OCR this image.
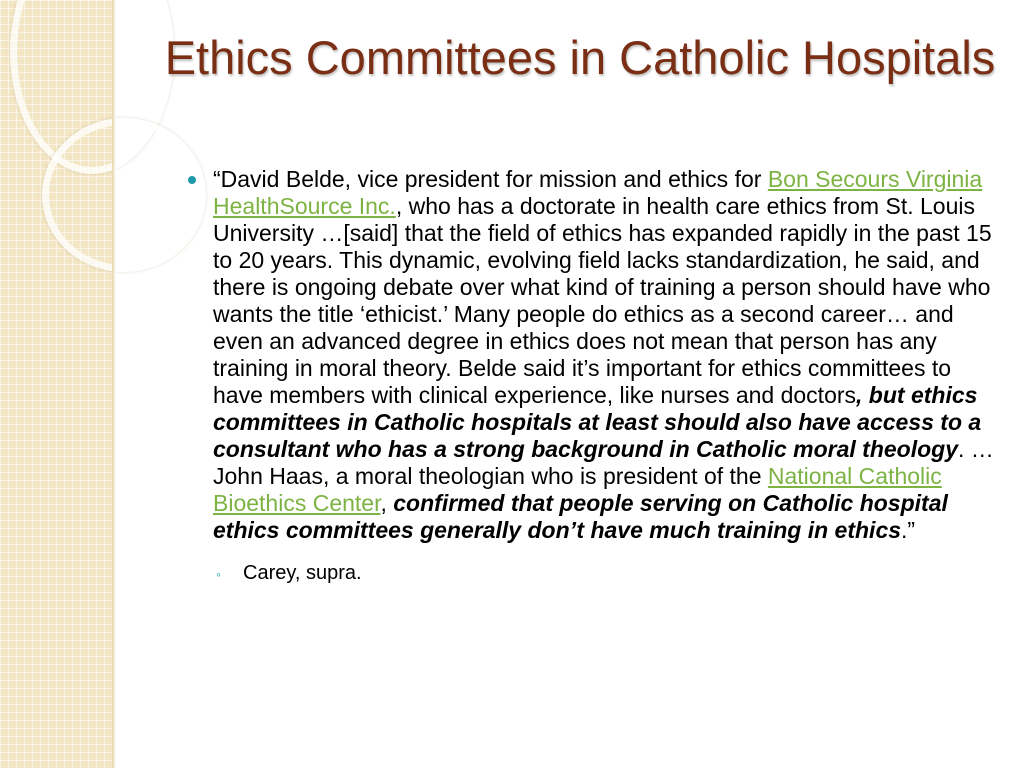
Ethics Committees in Catholic Hospitals

“David Belde, vice president for mission and ethics for Bon Secours Virginia HealthSource Inc., who has a doctorate in health care ethics from St. Louis University …[said] that the field of ethics has expanded rapidly in the past 15 to 20 years. This dynamic, evolving field lacks standardization, he said, and there is ongoing debate over what kind of training a person should have who wants the title ‘ethicist.’ Many people do ethics as a second career… and even an advanced degree in ethics does not mean that person has any training in moral theory. Belde said it’s important for ethics committees to have members with clinical experience, like nurses and doctors, but ethics committees in Catholic hospitals at least should also have access to a consultant who has a strong background in Catholic moral theology. …John Haas, a moral theologian who is president of the National Catholic Bioethics Center, confirmed that people serving on Catholic hospital ethics committees generally don’t have much training in ethics.”

◦ Carey, supra.
